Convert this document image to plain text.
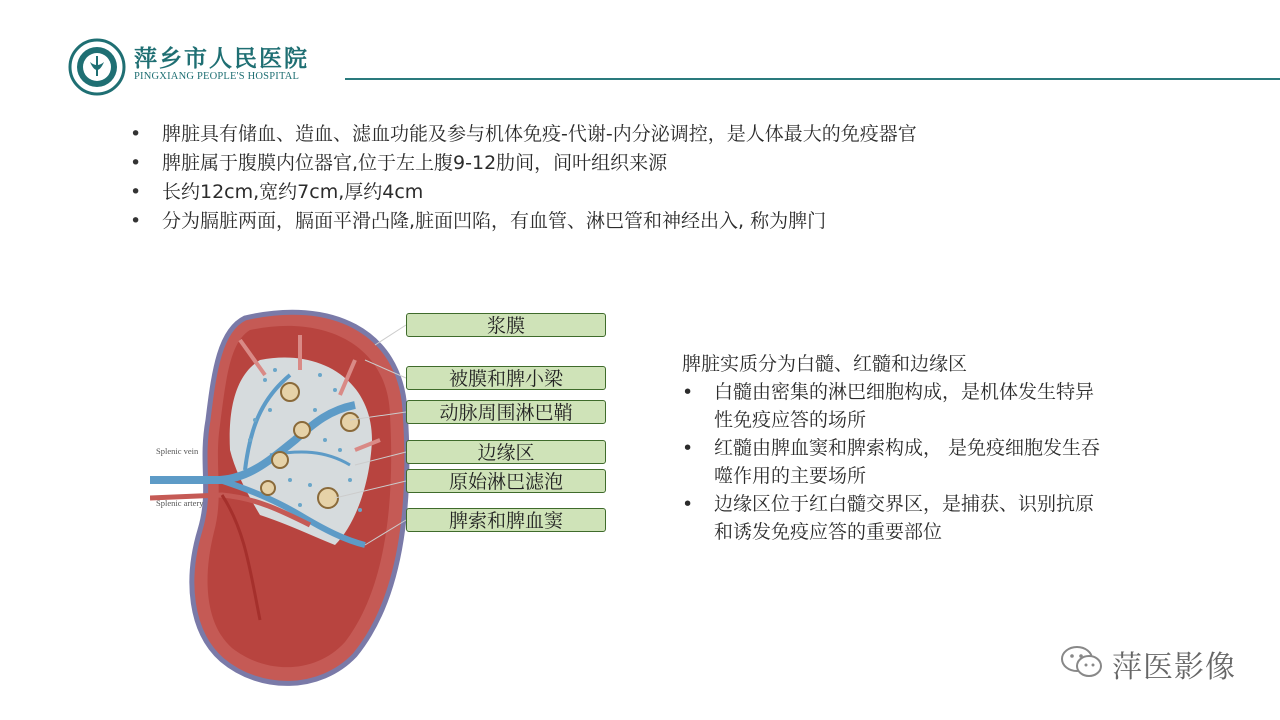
萍乡市人民医院
PINGXIANG PEOPLE'S HOSPITAL
• 脾脏具有储血、造血、滤血功能及参与机体免疫-代谢-内分泌调控，是人体最大的免疫器官
• 脾脏属于腹膜内位器官,位于左上腹9-12肋间，间叶组织来源
• 长约12cm,宽约7cm,厚约4cm
• 分为膈脏两面，膈面平滑凸隆,脏面凹陷，有血管、淋巴管和神经出入, 称为脾门
Splenic vein
Splenic artery
浆膜
被膜和脾小梁
动脉周围淋巴鞘
边缘区
原始淋巴滤泡
脾索和脾血窦
脾脏实质分为白髓、红髓和边缘区
• 白髓由密集的淋巴细胞构成，是机体发生特异性免疫应答的场所
• 红髓由脾血窦和脾索构成， 是免疫细胞发生吞噬作用的主要场所
• 边缘区位于红白髓交界区，是捕获、识别抗原和诱发免疫应答的重要部位
萍医影像
